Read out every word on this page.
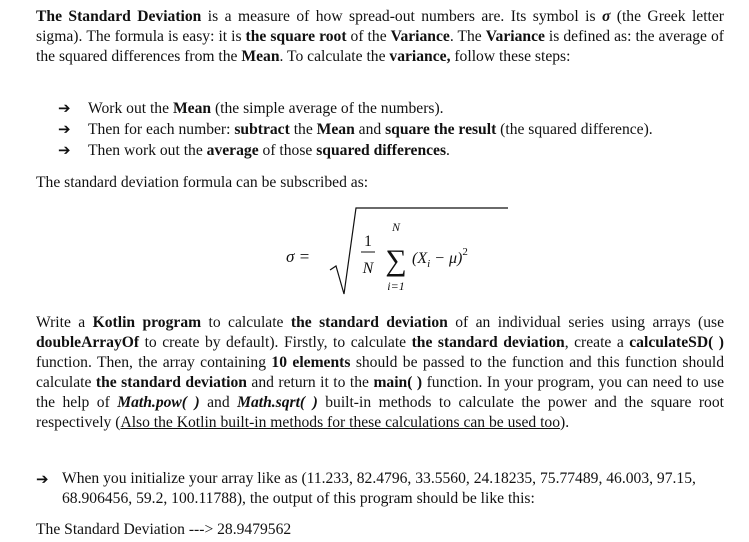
The Standard Deviation is a measure of how spread-out numbers are. Its symbol is σ (the Greek letter sigma). The formula is easy: it is the square root of the Variance. The Variance is defined as: the average of the squared differences from the Mean. To calculate the variance, follow these steps:
➔ Work out the Mean (the simple average of the numbers).
➔ Then for each number: subtract the Mean and square the result (the squared difference).
➔ Then work out the average of those squared differences.
The standard deviation formula can be subscribed as:
σ =
1
N
N
∑
i=1
$(X_i - \mu)^2$
Write a Kotlin program to calculate the standard deviation of an individual series using arrays (use doubleArrayOf to create by default). Firstly, to calculate the standard deviation, create a calculateSD( ) function. Then, the array containing 10 elements should be passed to the function and this function should calculate the standard deviation and return it to the main( ) function. In your program, you can need to use the help of Math.pow( ) and Math.sqrt( ) built-in methods to calculate the power and the square root respectively (Also the Kotlin built-in methods for these calculations can be used too).
➔ When you initialize your array like as (11.233, 82.4796, 33.5560, 24.18235, 75.77489, 46.003, 97.15, 68.906456, 59.2, 100.11788), the output of this program should be like this:
The Standard Deviation ---> 28.9479562
